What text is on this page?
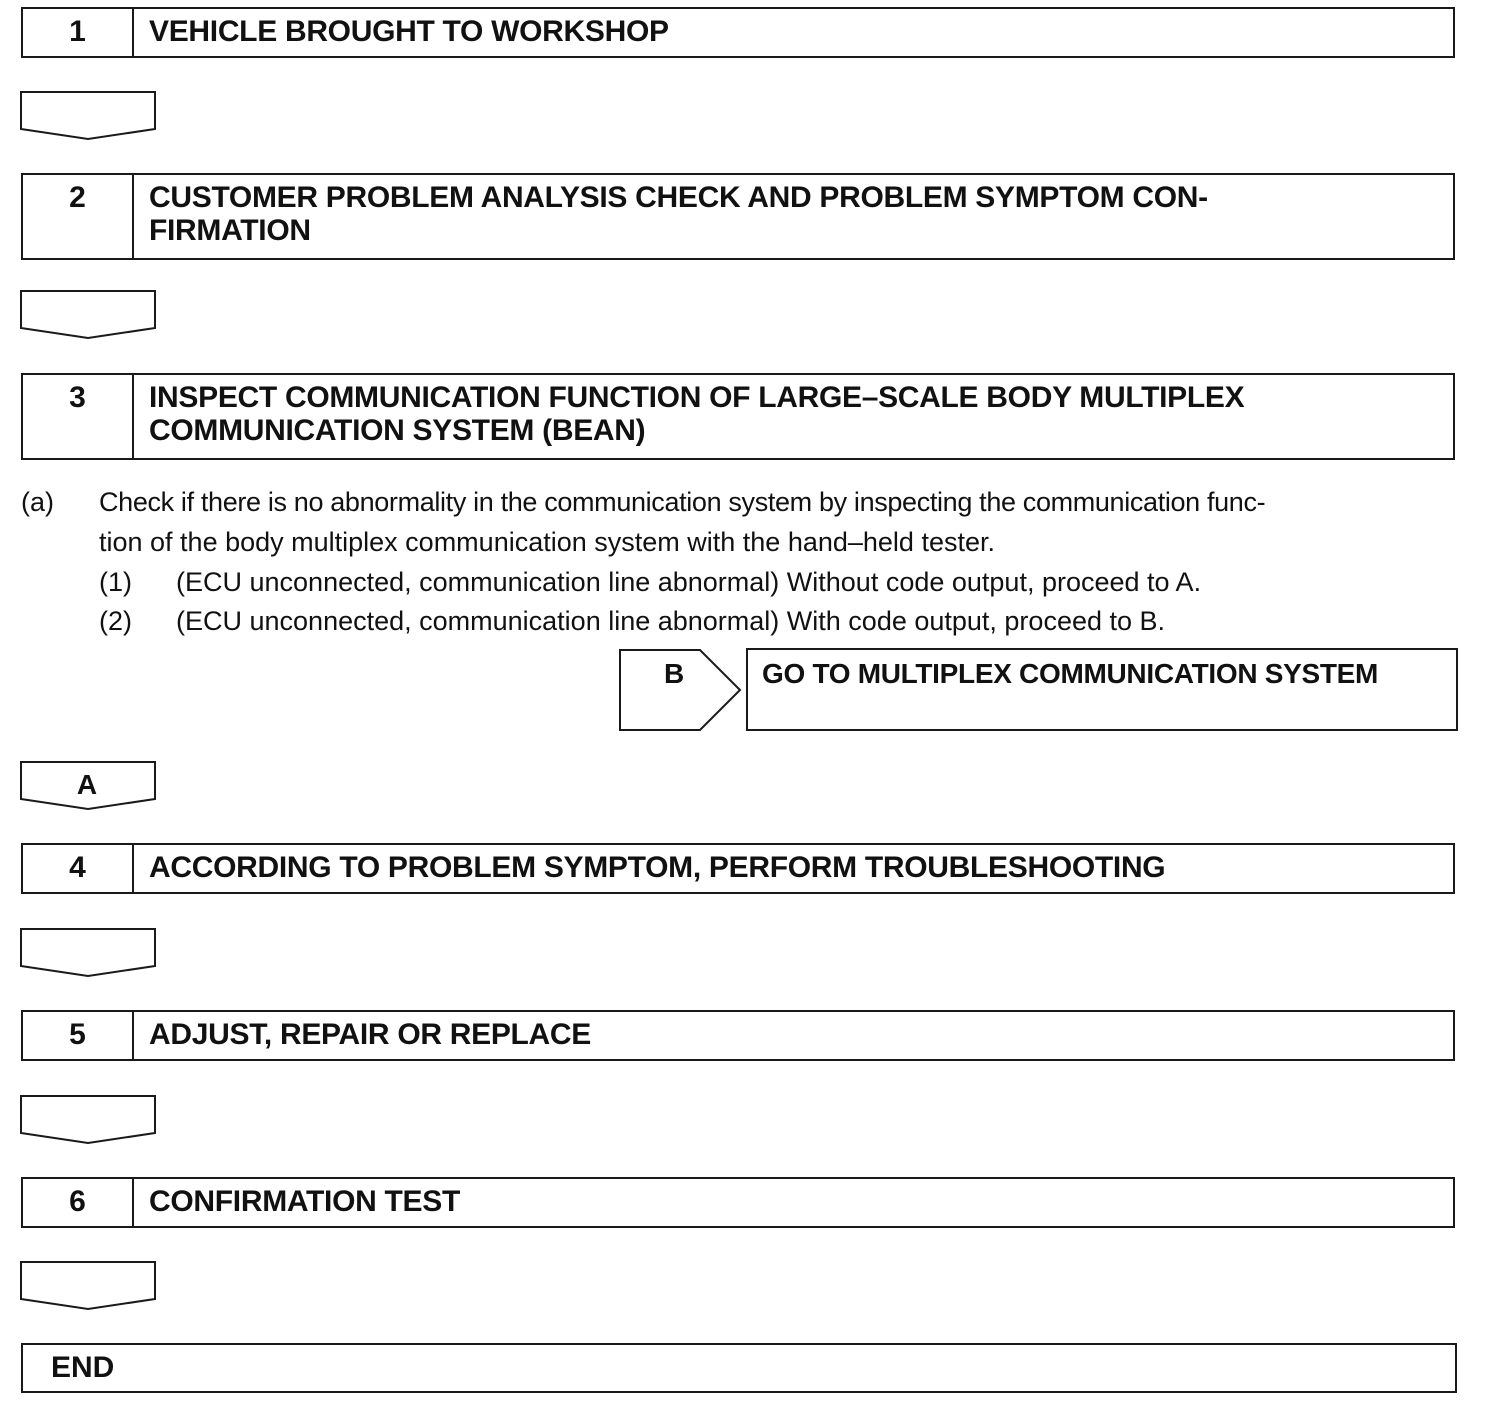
1	VEHICLE BROUGHT TO WORKSHOP
2	CUSTOMER PROBLEM ANALYSIS CHECK AND PROBLEM SYMPTOM CON-
FIRMATION
3	INSPECT COMMUNICATION FUNCTION OF LARGE–SCALE BODY MULTIPLEX
COMMUNICATION SYSTEM (BEAN)
(a) Check if there is no abnormality in the communication system by inspecting the communication func-
tion of the body multiplex communication system with the hand–held tester.
(1) (ECU unconnected, communication line abnormal) Without code output, proceed to A.
(2) (ECU unconnected, communication line abnormal) With code output, proceed to B.
B	GO TO MULTIPLEX COMMUNICATION SYSTEM
A
4	ACCORDING TO PROBLEM SYMPTOM, PERFORM TROUBLESHOOTING
5	ADJUST, REPAIR OR REPLACE
6	CONFIRMATION TEST
END
